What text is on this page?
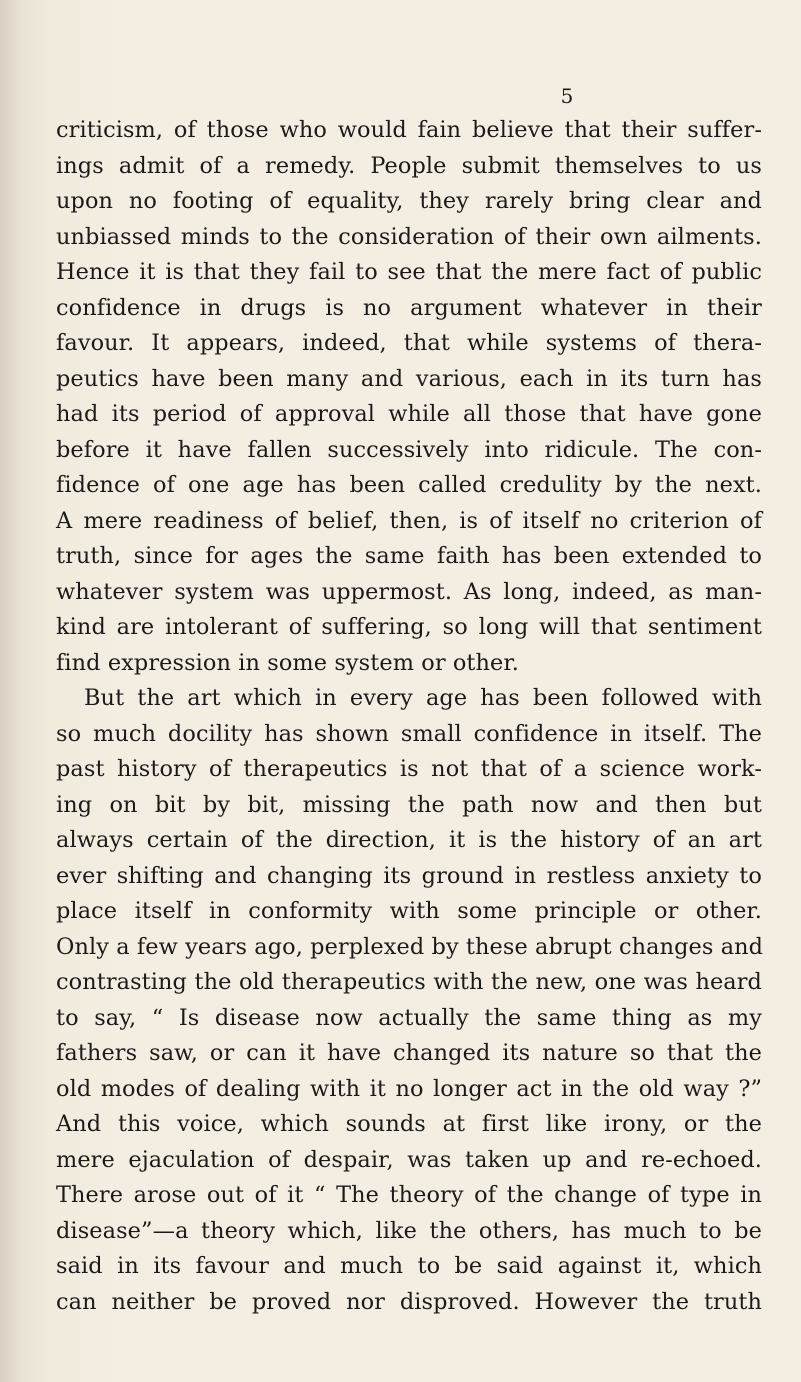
5
criticism, of those who would fain believe that their suffer-
ings admit of a remedy. People submit themselves to us
upon no footing of equality, they rarely bring clear and
unbiassed minds to the consideration of their own ailments.
Hence it is that they fail to see that the mere fact of public
confidence in drugs is no argument whatever in their
favour. It appears, indeed, that while systems of thera-
peutics have been many and various, each in its turn has
had its period of approval while all those that have gone
before it have fallen successively into ridicule. The con-
fidence of one age has been called credulity by the next.
A mere readiness of belief, then, is of itself no criterion of
truth, since for ages the same faith has been extended to
whatever system was uppermost. As long, indeed, as man-
kind are intolerant of suffering, so long will that sentiment
find expression in some system or other.
But the art which in every age has been followed with
so much docility has shown small confidence in itself. The
past history of therapeutics is not that of a science work-
ing on bit by bit, missing the path now and then but
always certain of the direction, it is the history of an art
ever shifting and changing its ground in restless anxiety to
place itself in conformity with some principle or other.
Only a few years ago, perplexed by these abrupt changes and
contrasting the old therapeutics with the new, one was heard
to say, “ Is disease now actually the same thing as my
fathers saw, or can it have changed its nature so that the
old modes of dealing with it no longer act in the old way ?”
And this voice, which sounds at first like irony, or the
mere ejaculation of despair, was taken up and re-echoed.
There arose out of it “ The theory of the change of type in
disease”—a theory which, like the others, has much to be
said in its favour and much to be said against it, which
can neither be proved nor disproved. However the truth
